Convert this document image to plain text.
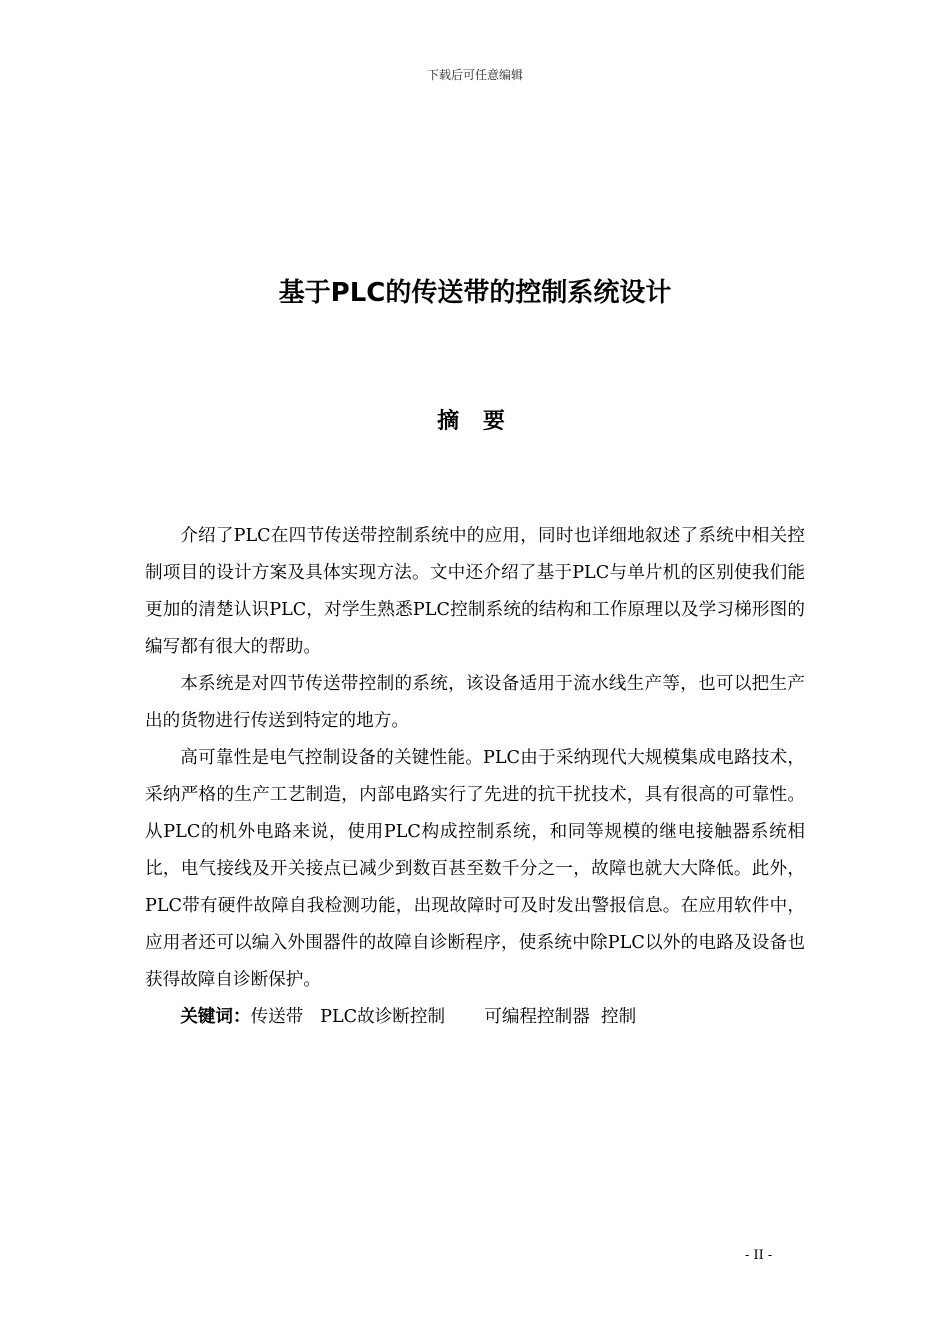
下载后可任意编辑
基于PLC的传送带的控制系统设计
摘 要

介绍了PLC在四节传送带控制系统中的应用，同时也详细地叙述了系统中相关控制项目的设计方案及具体实现方法。文中还介绍了基于PLC与单片机的区别使我们能更加的清楚认识PLC，对学生熟悉PLC控制系统的结构和工作原理以及学习梯形图的编写都有很大的帮助。

本系统是对四节传送带控制的系统，该设备适用于流水线生产等，也可以把生产出的货物进行传送到特定的地方。

高可靠性是电气控制设备的关键性能。PLC由于采纳现代大规模集成电路技术，采纳严格的生产工艺制造，内部电路实行了先进的抗干扰技术，具有很高的可靠性。从PLC的机外电路来说，使用PLC构成控制系统，和同等规模的继电接触器系统相比，电气接线及开关接点已减少到数百甚至数千分之一，故障也就大大降低。此外，PLC带有硬件故障自我检测功能，出现故障时可及时发出警报信息。在应用软件中，应用者还可以编入外围器件的故障自诊断程序，使系统中除PLC以外的电路及设备也获得故障自诊断保护。

关键词：传送带   PLC故诊断控制       可编程控制器  控制

- II -
